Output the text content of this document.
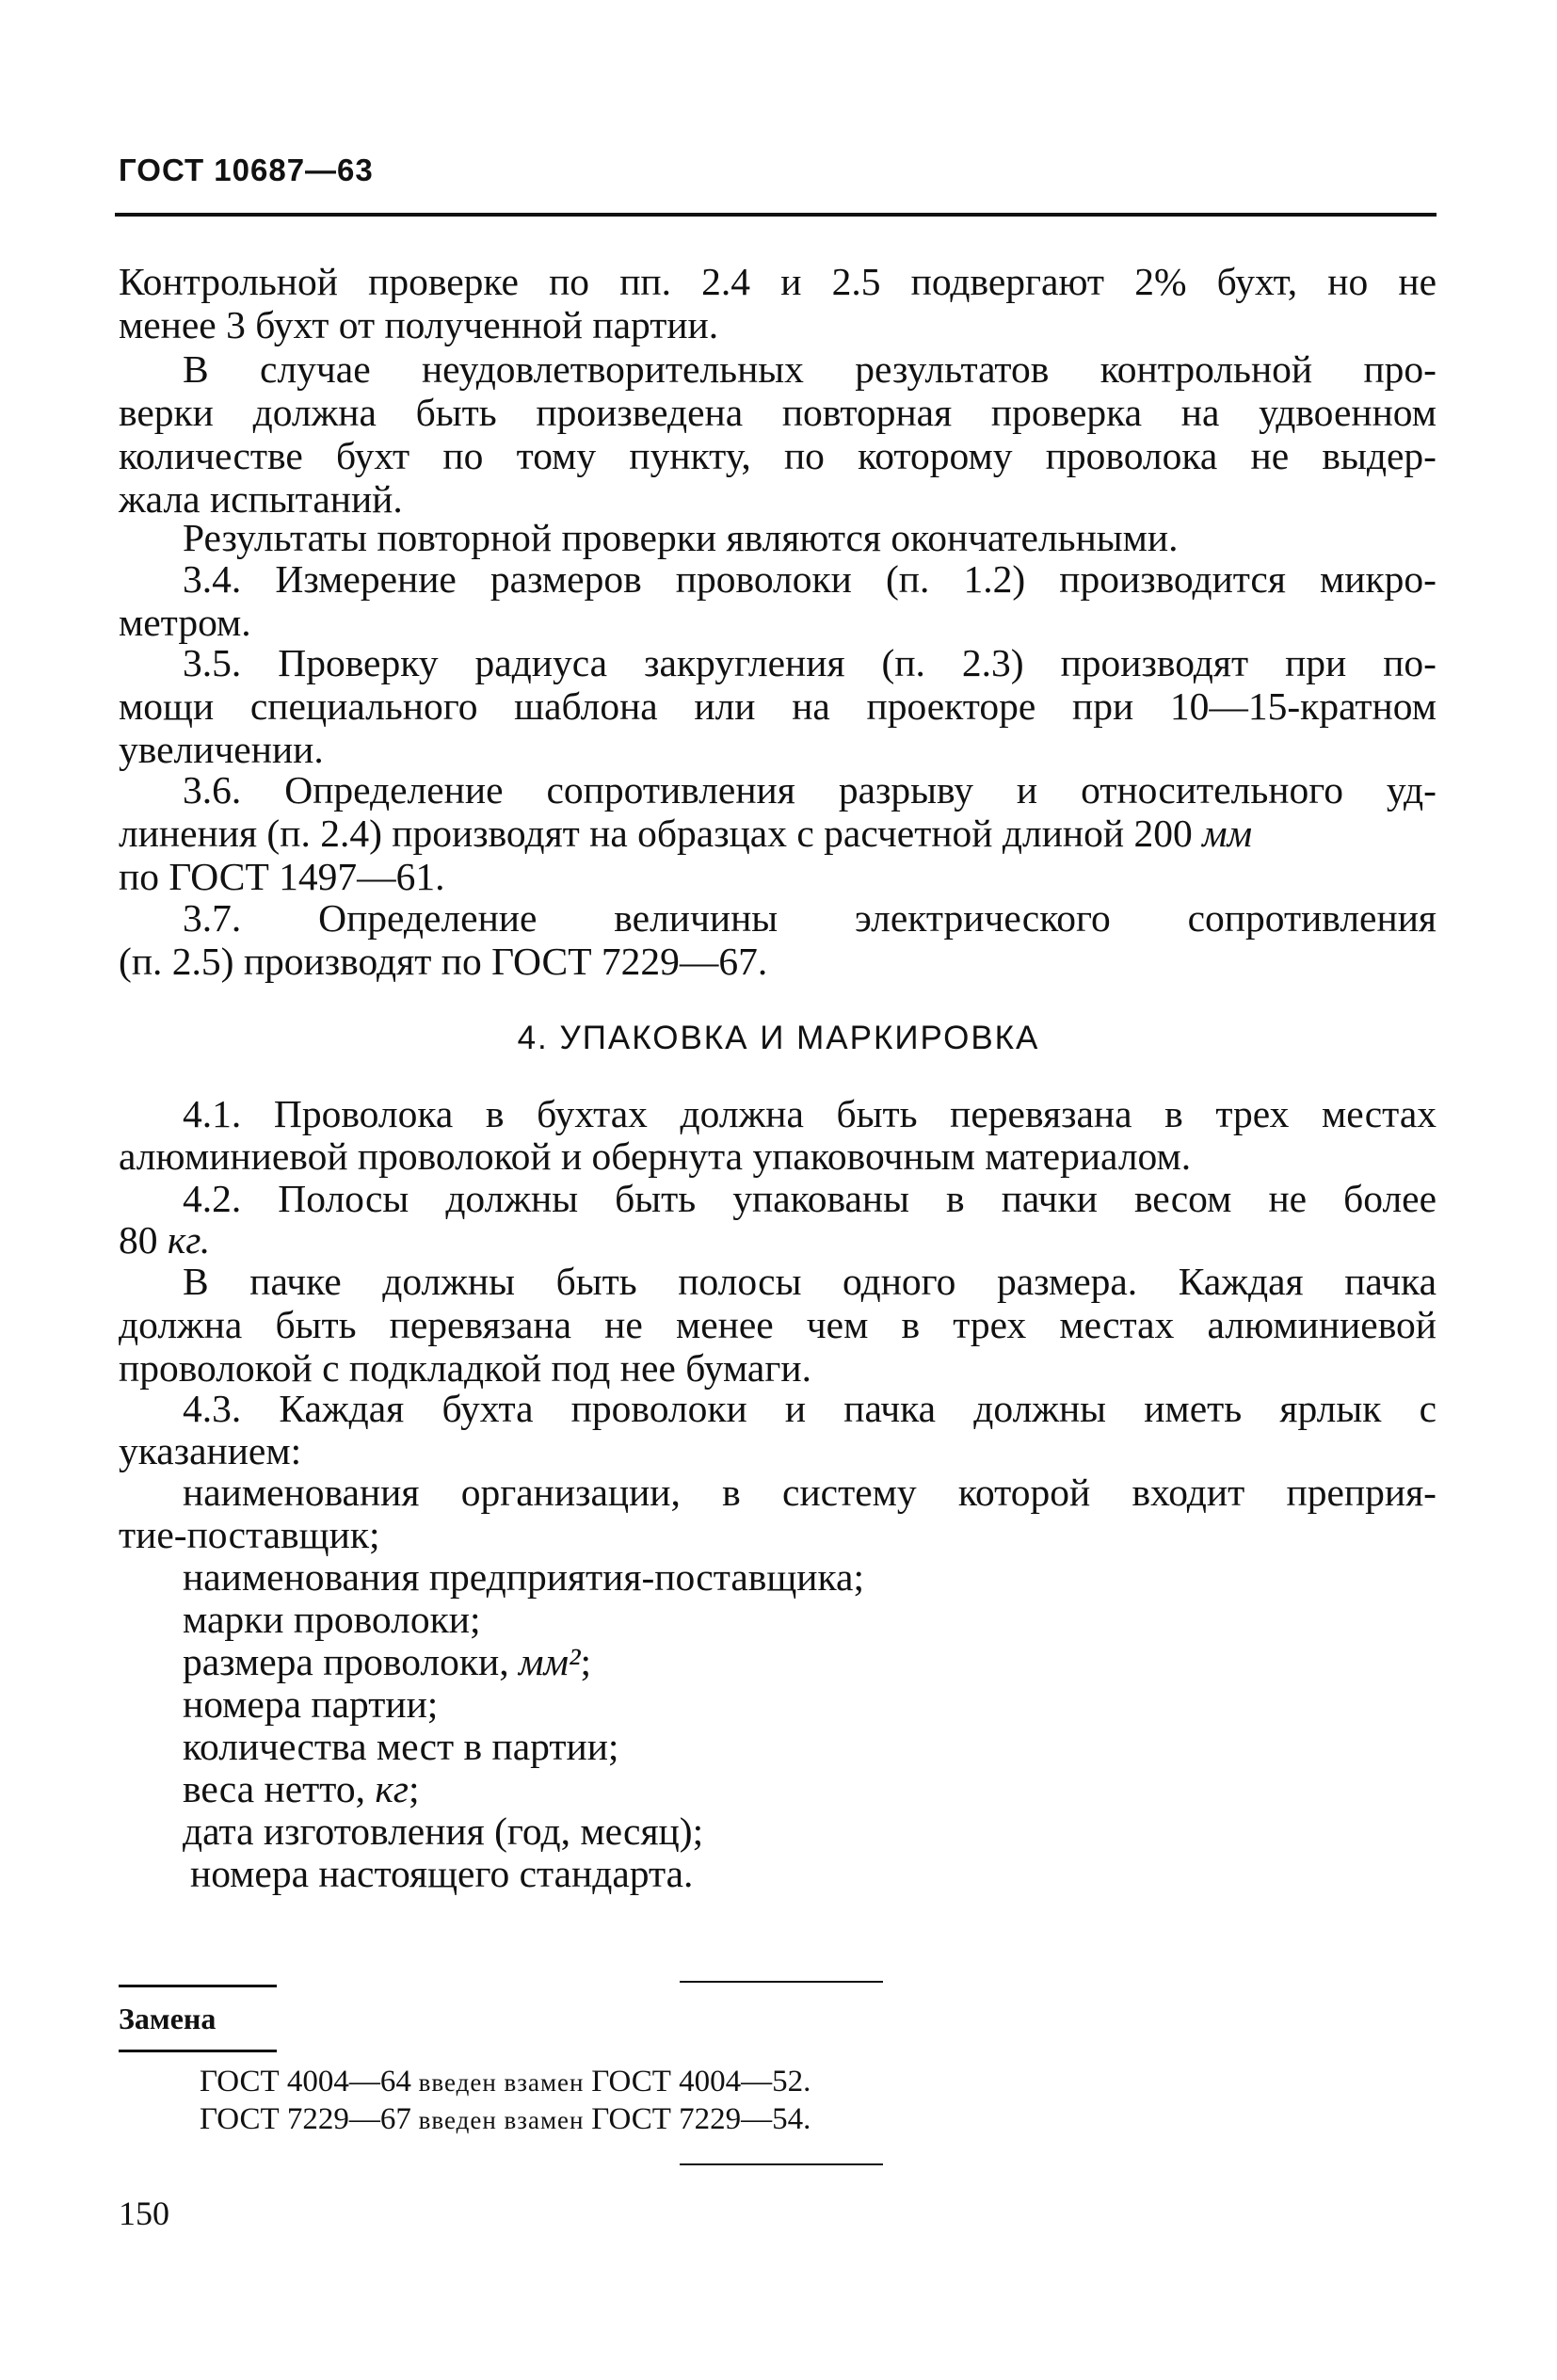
ГОСТ 10687—63
Контрольной проверке по пп. 2.4 и 2.5 подвергают 2% бухт, но не
менее 3 бухт от полученной партии.
В случае неудовлетворительных результатов контрольной про-
верки должна быть произведена повторная проверка на удвоенном
количестве бухт по тому пункту, по которому проволока не выдер-
жала испытаний.
Результаты повторной проверки являются окончательными.
3.4. Измерение размеров проволоки (п. 1.2) производится микро-
метром.
3.5. Проверку радиуса закругления (п. 2.3) производят при по-
мощи специального шаблона или на проекторе при 10—15-кратном
увеличении.
3.6. Определение сопротивления разрыву и относительного уд-
линения (п. 2.4) производят на образцах с расчетной длиной 200 мм
по ГОСТ 1497—61.
3.7. Определение величины электрического сопротивления
(п. 2.5) производят по ГОСТ 7229—67.
4. УПАКОВКА И МАРКИРОВКА
4.1. Проволока в бухтах должна быть перевязана в трех местах
алюминиевой проволокой и обернута упаковочным материалом.
4.2. Полосы должны быть упакованы в пачки весом не более
80 кг.
В пачке должны быть полосы одного размера. Каждая пачка
должна быть перевязана не менее чем в трех местах алюминиевой
проволокой с подкладкой под нее бумаги.
4.3. Каждая бухта проволоки и пачка должны иметь ярлык с
указанием:
наименования организации, в систему которой входит преприя-
тие-поставщик;
наименования предприятия-поставщика;
марки проволоки;
размера проволоки, мм²;
номера партии;
количества мест в партии;
веса нетто, кг;
дата изготовления (год, месяц);
номера настоящего стандарта.
Замена
ГОСТ 4004—64 введен взамен ГОСТ 4004—52.
ГОСТ 7229—67 введен взамен ГОСТ 7229—54.
150
